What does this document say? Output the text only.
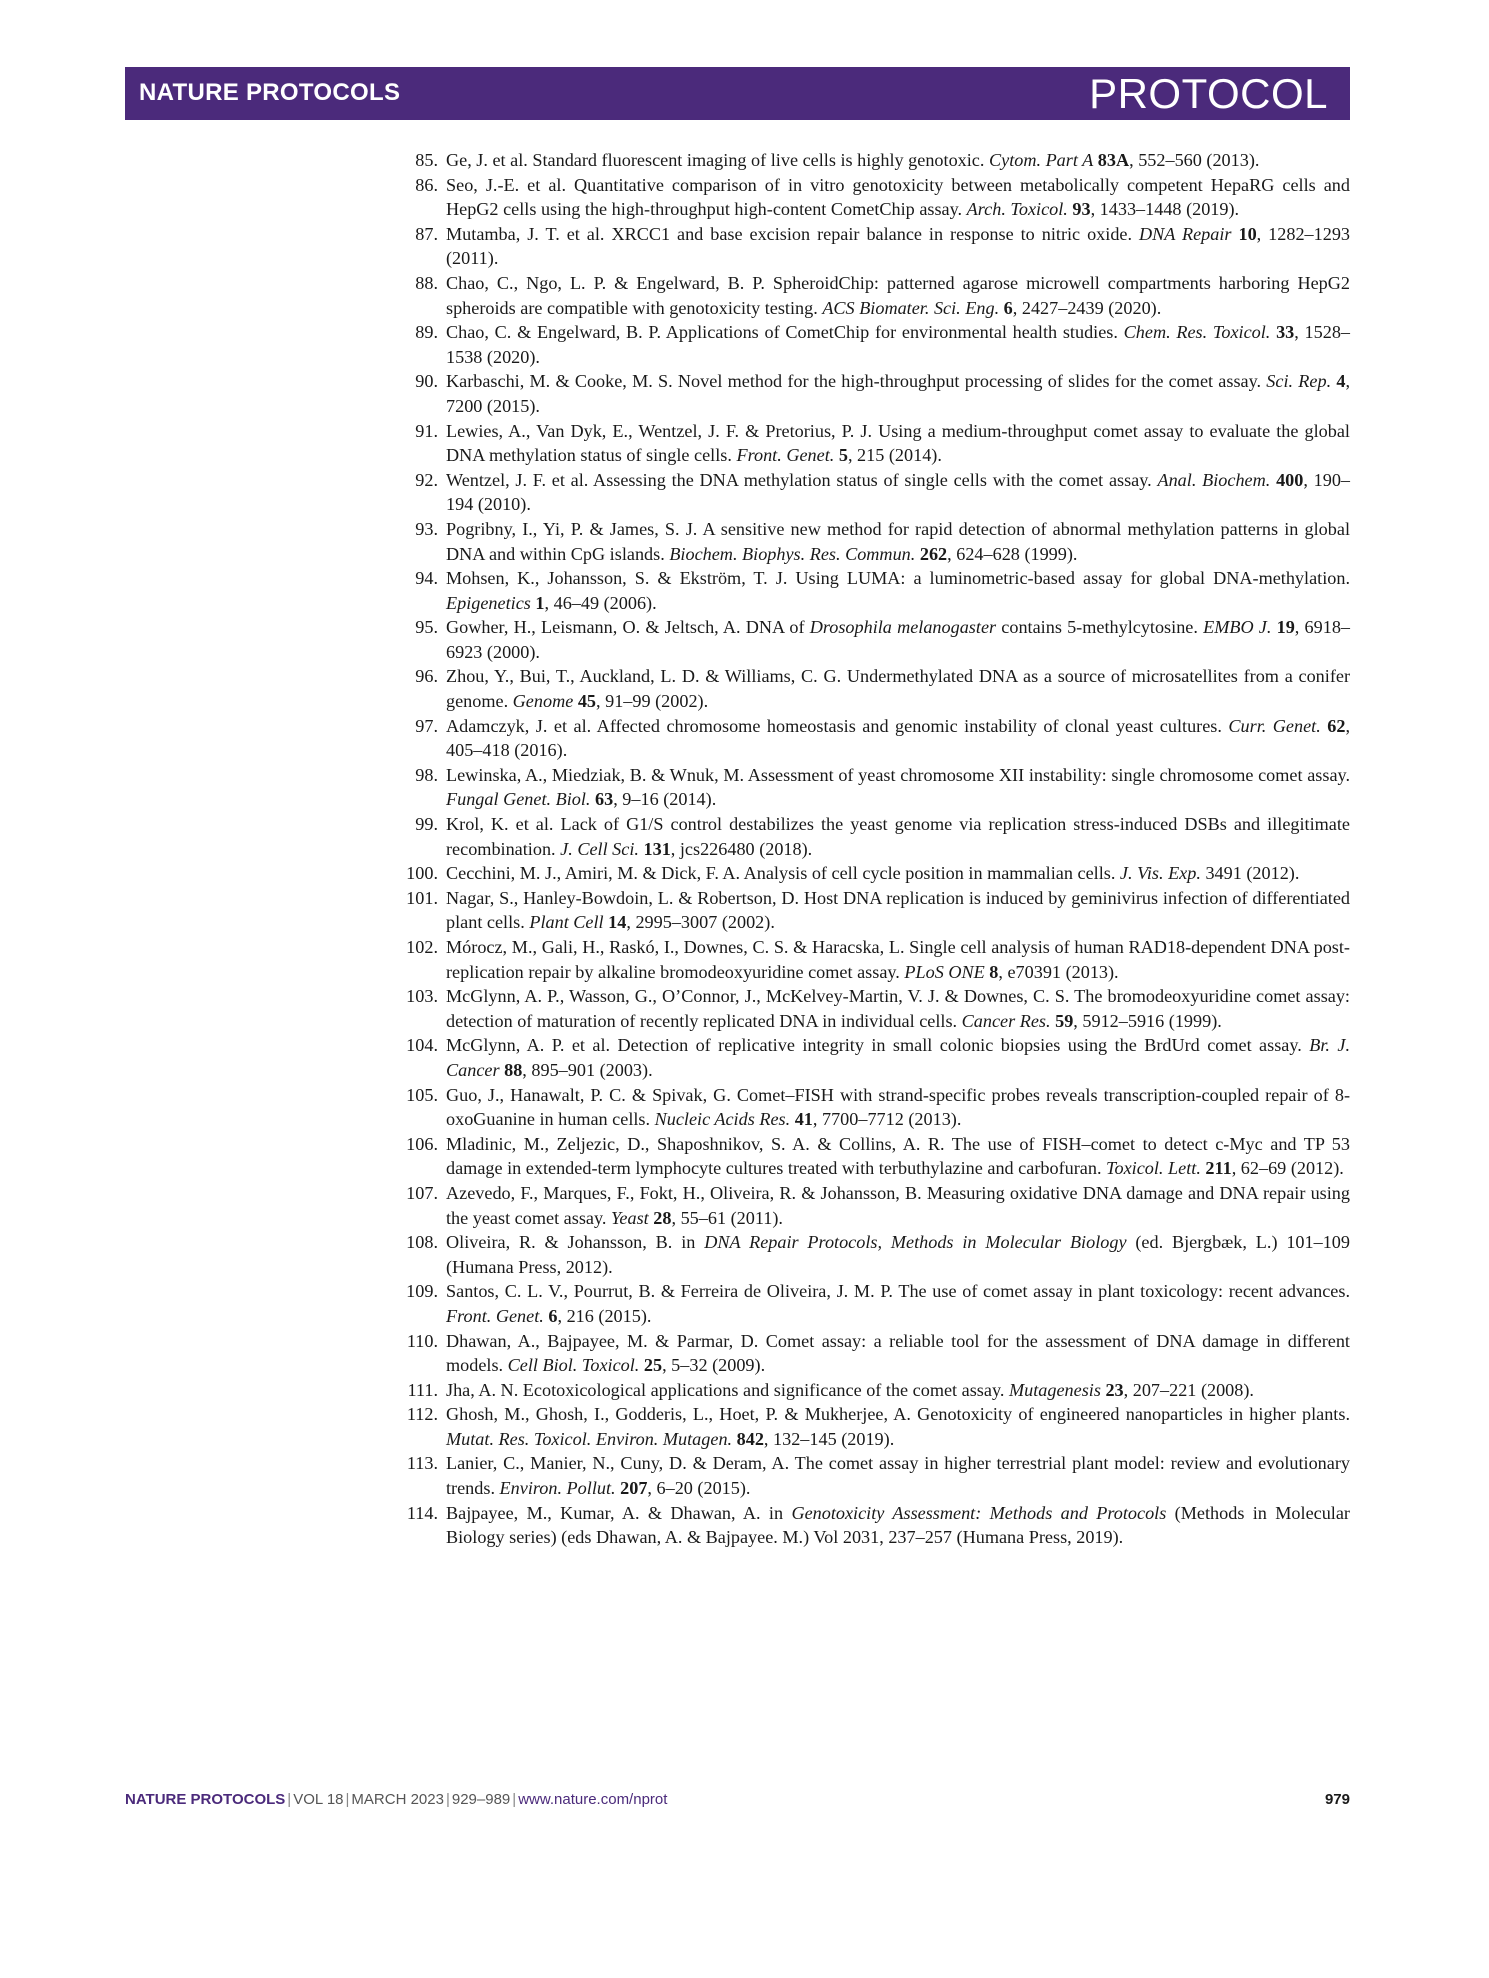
NATURE PROTOCOLS	PROTOCOL
85. Ge, J. et al. Standard fluorescent imaging of live cells is highly genotoxic. Cytom. Part A 83A, 552–560 (2013).
86. Seo, J.-E. et al. Quantitative comparison of in vitro genotoxicity between metabolically competent HepaRG cells and HepG2 cells using the high-throughput high-content CometChip assay. Arch. Toxicol. 93, 1433–1448 (2019).
87. Mutamba, J. T. et al. XRCC1 and base excision repair balance in response to nitric oxide. DNA Repair 10, 1282–1293 (2011).
88. Chao, C., Ngo, L. P. & Engelward, B. P. SpheroidChip: patterned agarose microwell compartments harboring HepG2 spheroids are compatible with genotoxicity testing. ACS Biomater. Sci. Eng. 6, 2427–2439 (2020).
89. Chao, C. & Engelward, B. P. Applications of CometChip for environmental health studies. Chem. Res. Toxicol. 33, 1528–1538 (2020).
90. Karbaschi, M. & Cooke, M. S. Novel method for the high-throughput processing of slides for the comet assay. Sci. Rep. 4, 7200 (2015).
91. Lewies, A., Van Dyk, E., Wentzel, J. F. & Pretorius, P. J. Using a medium-throughput comet assay to evaluate the global DNA methylation status of single cells. Front. Genet. 5, 215 (2014).
92. Wentzel, J. F. et al. Assessing the DNA methylation status of single cells with the comet assay. Anal. Biochem. 400, 190–194 (2010).
93. Pogribny, I., Yi, P. & James, S. J. A sensitive new method for rapid detection of abnormal methylation patterns in global DNA and within CpG islands. Biochem. Biophys. Res. Commun. 262, 624–628 (1999).
94. Mohsen, K., Johansson, S. & Ekström, T. J. Using LUMA: a luminometric-based assay for global DNA-methylation. Epigenetics 1, 46–49 (2006).
95. Gowher, H., Leismann, O. & Jeltsch, A. DNA of Drosophila melanogaster contains 5-methylcytosine. EMBO J. 19, 6918–6923 (2000).
96. Zhou, Y., Bui, T., Auckland, L. D. & Williams, C. G. Undermethylated DNA as a source of microsatellites from a conifer genome. Genome 45, 91–99 (2002).
97. Adamczyk, J. et al. Affected chromosome homeostasis and genomic instability of clonal yeast cultures. Curr. Genet. 62, 405–418 (2016).
98. Lewinska, A., Miedziak, B. & Wnuk, M. Assessment of yeast chromosome XII instability: single chromosome comet assay. Fungal Genet. Biol. 63, 9–16 (2014).
99. Krol, K. et al. Lack of G1/S control destabilizes the yeast genome via replication stress-induced DSBs and illegitimate recombination. J. Cell Sci. 131, jcs226480 (2018).
100. Cecchini, M. J., Amiri, M. & Dick, F. A. Analysis of cell cycle position in mammalian cells. J. Vis. Exp. 3491 (2012).
101. Nagar, S., Hanley-Bowdoin, L. & Robertson, D. Host DNA replication is induced by geminivirus infection of differentiated plant cells. Plant Cell 14, 2995–3007 (2002).
102. Mórocz, M., Gali, H., Raskó, I., Downes, C. S. & Haracska, L. Single cell analysis of human RAD18-dependent DNA post-replication repair by alkaline bromodeoxyuridine comet assay. PLoS ONE 8, e70391 (2013).
103. McGlynn, A. P., Wasson, G., O’Connor, J., McKelvey-Martin, V. J. & Downes, C. S. The bromodeoxyuridine comet assay: detection of maturation of recently replicated DNA in individual cells. Cancer Res. 59, 5912–5916 (1999).
104. McGlynn, A. P. et al. Detection of replicative integrity in small colonic biopsies using the BrdUrd comet assay. Br. J. Cancer 88, 895–901 (2003).
105. Guo, J., Hanawalt, P. C. & Spivak, G. Comet–FISH with strand-specific probes reveals transcription-coupled repair of 8-oxoGuanine in human cells. Nucleic Acids Res. 41, 7700–7712 (2013).
106. Mladinic, M., Zeljezic, D., Shaposhnikov, S. A. & Collins, A. R. The use of FISH–comet to detect c-Myc and TP 53 damage in extended-term lymphocyte cultures treated with terbuthylazine and carbofuran. Toxicol. Lett. 211, 62–69 (2012).
107. Azevedo, F., Marques, F., Fokt, H., Oliveira, R. & Johansson, B. Measuring oxidative DNA damage and DNA repair using the yeast comet assay. Yeast 28, 55–61 (2011).
108. Oliveira, R. & Johansson, B. in DNA Repair Protocols, Methods in Molecular Biology (ed. Bjergbæk, L.) 101–109 (Humana Press, 2012).
109. Santos, C. L. V., Pourrut, B. & Ferreira de Oliveira, J. M. P. The use of comet assay in plant toxicology: recent advances. Front. Genet. 6, 216 (2015).
110. Dhawan, A., Bajpayee, M. & Parmar, D. Comet assay: a reliable tool for the assessment of DNA damage in different models. Cell Biol. Toxicol. 25, 5–32 (2009).
111. Jha, A. N. Ecotoxicological applications and significance of the comet assay. Mutagenesis 23, 207–221 (2008).
112. Ghosh, M., Ghosh, I., Godderis, L., Hoet, P. & Mukherjee, A. Genotoxicity of engineered nanoparticles in higher plants. Mutat. Res. Toxicol. Environ. Mutagen. 842, 132–145 (2019).
113. Lanier, C., Manier, N., Cuny, D. & Deram, A. The comet assay in higher terrestrial plant model: review and evolutionary trends. Environ. Pollut. 207, 6–20 (2015).
114. Bajpayee, M., Kumar, A. & Dhawan, A. in Genotoxicity Assessment: Methods and Protocols (Methods in Molecular Biology series) (eds Dhawan, A. & Bajpayee. M.) Vol 2031, 237–257 (Humana Press, 2019).
NATURE PROTOCOLS | VOL 18 | MARCH 2023 | 929–989 | www.nature.com/nprot	979
